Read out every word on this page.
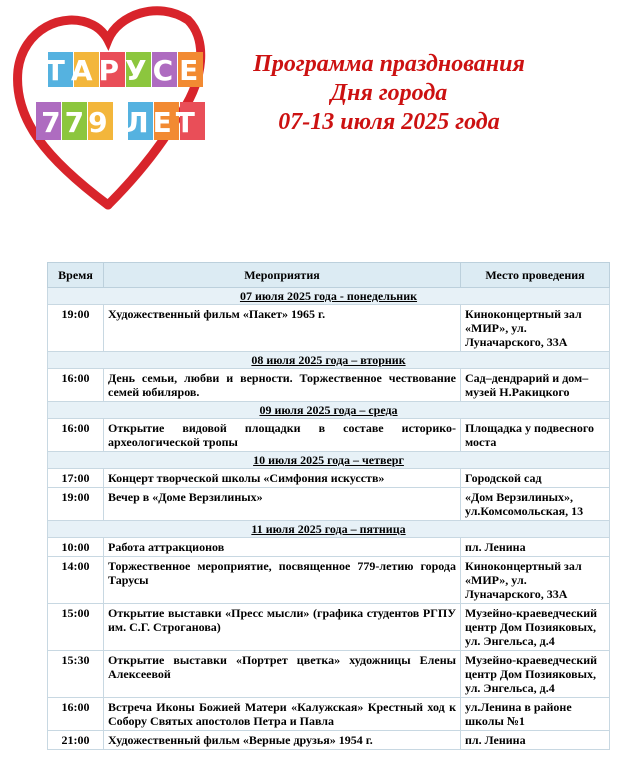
ТАРУСЕ
779 ЛЕТ
Программа празднования
Дня города
07-13 июля 2025 года
Время	Мероприятия	Место проведения
07 июля 2025 года - понедельник		
19:00	Художественный фильм «Пакет» 1965 г.	Киноконцертный зал «МИР», ул. Луначарского, 33А
08 июля 2025 года – вторник		
16:00	День семьи, любви и верности. Торжественное чествование семей юбиляров.	Сад–дендрарий и дом–музей Н.Ракицкого
09 июля 2025 года – среда		
16:00	Открытие видовой площадки в составе историко-археологической тропы	Площадка у подвесного моста
10 июля 2025 года – четверг		
17:00	Концерт творческой школы «Симфония искусств»	Городской сад
19:00	Вечер в «Доме Верзилиных»	«Дом Верзилиных», ул.Комсомольская, 13
11 июля 2025 года – пятница		
10:00	Работа аттракционов	пл. Ленина
14:00	Торжественное мероприятие, посвященное 779-летию города Тарусы	Киноконцертный зал «МИР», ул. Луначарского, 33А
15:00	Открытие выставки «Пресс мысли» (графика студентов РГПУ им. С.Г. Строганова)	Музейно-краеведческий центр Дом Позияковых, ул. Энгельса, д.4
15:30	Открытие выставки «Портрет цветка» художницы Елены Алексеевой	Музейно-краеведческий центр Дом Позияковых, ул. Энгельса, д.4
16:00	Встреча Иконы Божией Матери «Калужская» Крестный ход к Собору Святых апостолов Петра и Павла	ул.Ленина в районе школы №1
21:00	Художественный фильм «Верные друзья» 1954 г.	пл. Ленина
